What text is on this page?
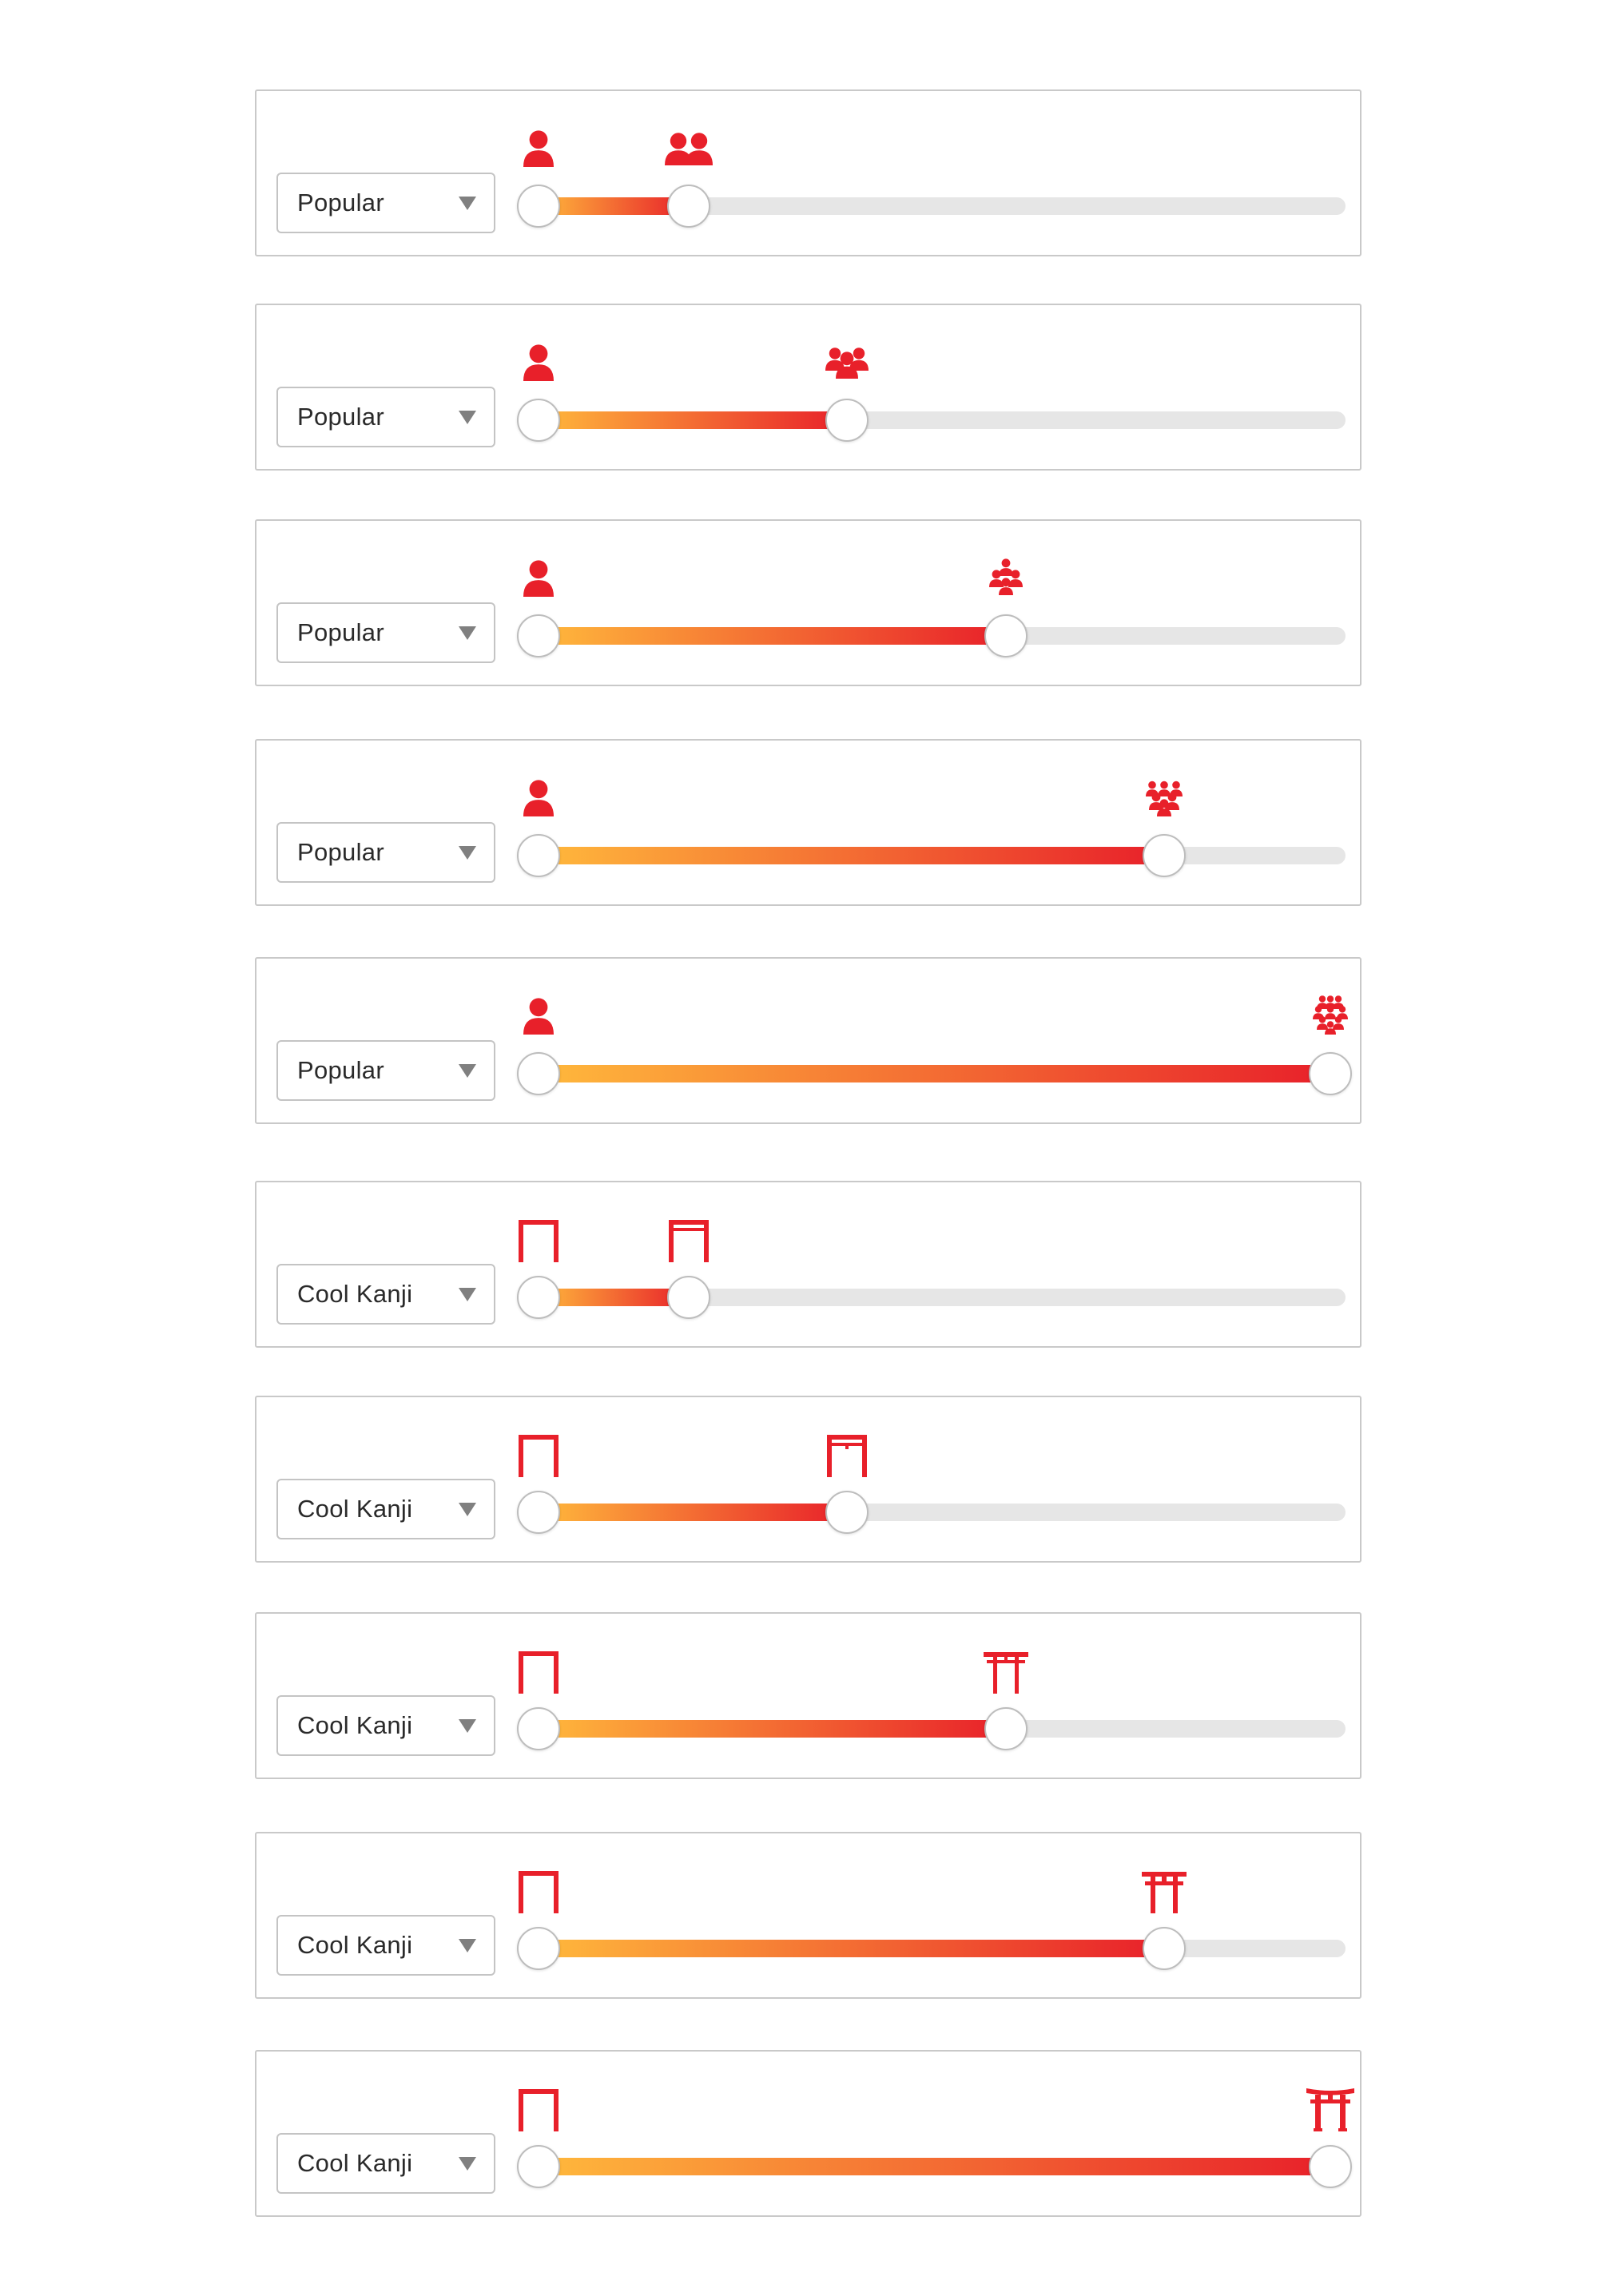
Popular
Popular
Popular
Popular
Popular
Cool Kanji
Cool Kanji
Cool Kanji
Cool Kanji
Cool Kanji
